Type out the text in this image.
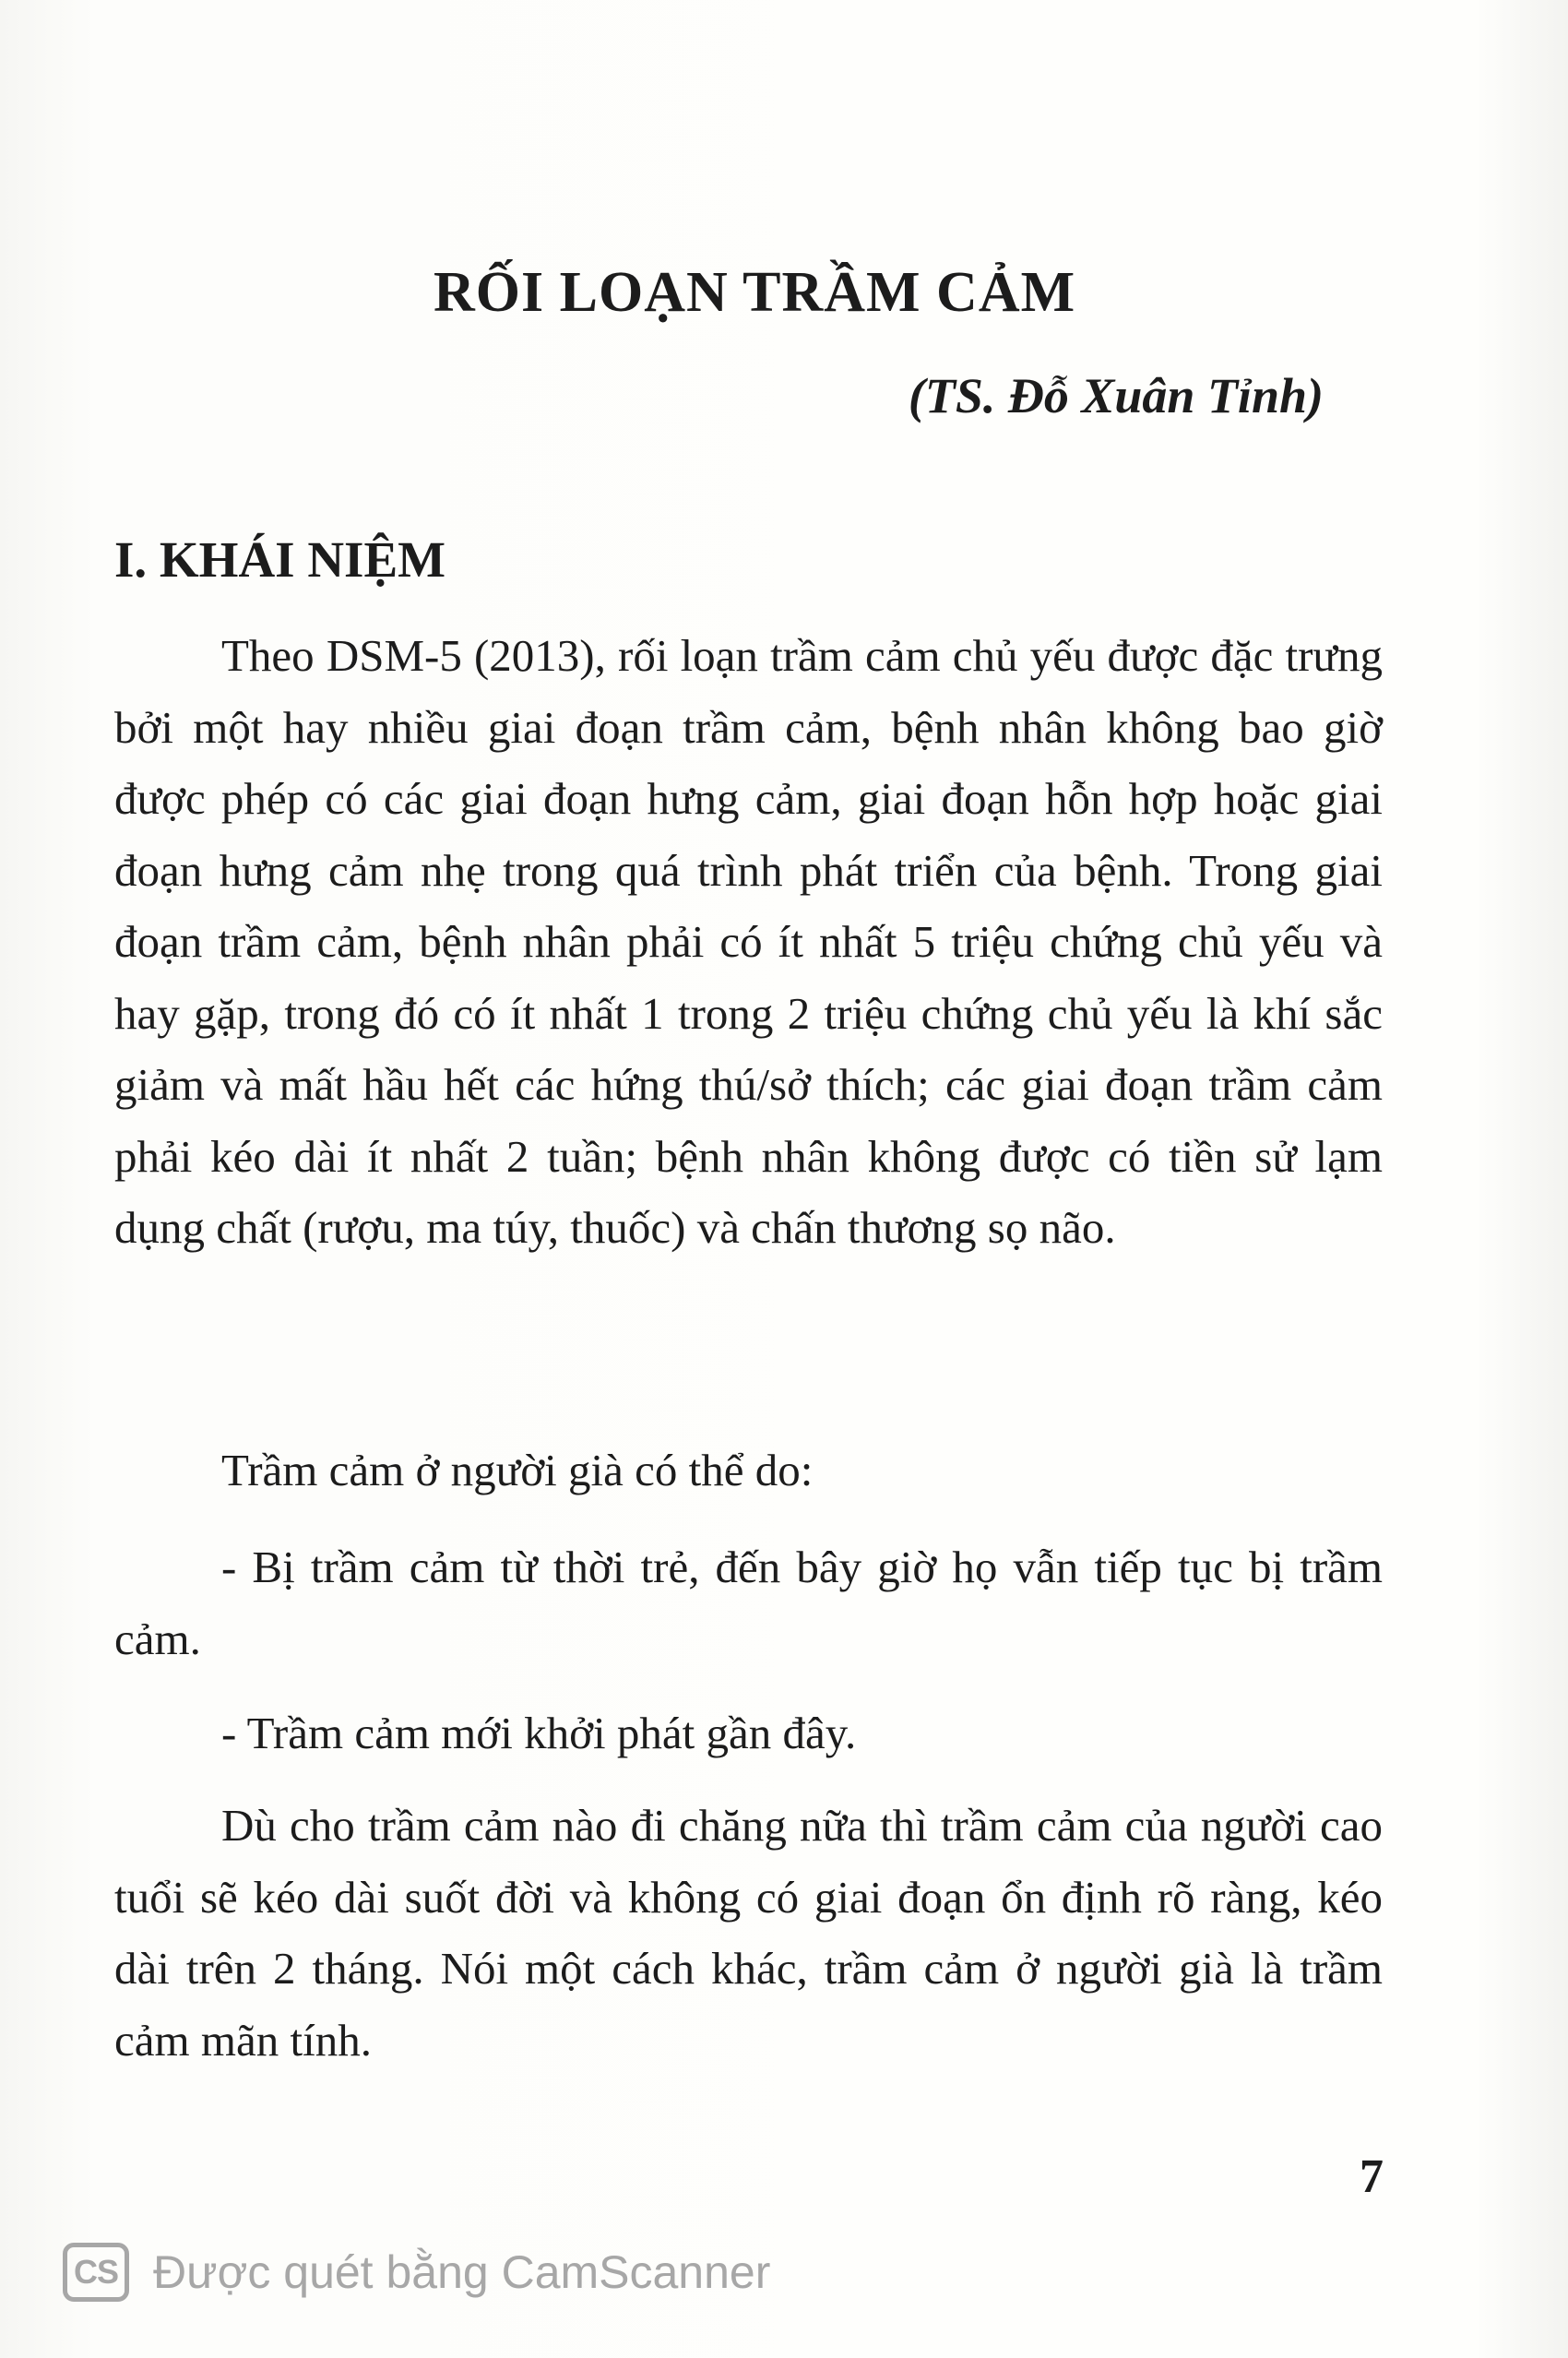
RỐI LOẠN TRẦM CẢM

(TS. Đỗ Xuân Tỉnh)

I. KHÁI NIỆM

Theo DSM-5 (2013), rối loạn trầm cảm chủ yếu được đặc trưng bởi một hay nhiều giai đoạn trầm cảm, bệnh nhân không bao giờ được phép có các giai đoạn hưng cảm, giai đoạn hỗn hợp hoặc giai đoạn hưng cảm nhẹ trong quá trình phát triển của bệnh. Trong giai đoạn trầm cảm, bệnh nhân phải có ít nhất 5 triệu chứng chủ yếu và hay gặp, trong đó có ít nhất 1 trong 2 triệu chứng chủ yếu là khí sắc giảm và mất hầu hết các hứng thú/sở thích; các giai đoạn trầm cảm phải kéo dài ít nhất 2 tuần; bệnh nhân không được có tiền sử lạm dụng chất (rượu, ma túy, thuốc) và chấn thương sọ não.

Trầm cảm ở người già có thể do:

- Bị trầm cảm từ thời trẻ, đến bây giờ họ vẫn tiếp tục bị trầm cảm.

- Trầm cảm mới khởi phát gần đây.

Dù cho trầm cảm nào đi chăng nữa thì trầm cảm của người cao tuổi sẽ kéo dài suốt đời và không có giai đoạn ổn định rõ ràng, kéo dài trên 2 tháng. Nói một cách khác, trầm cảm ở người già là trầm cảm mãn tính.

7

CS Được quét bằng CamScanner
